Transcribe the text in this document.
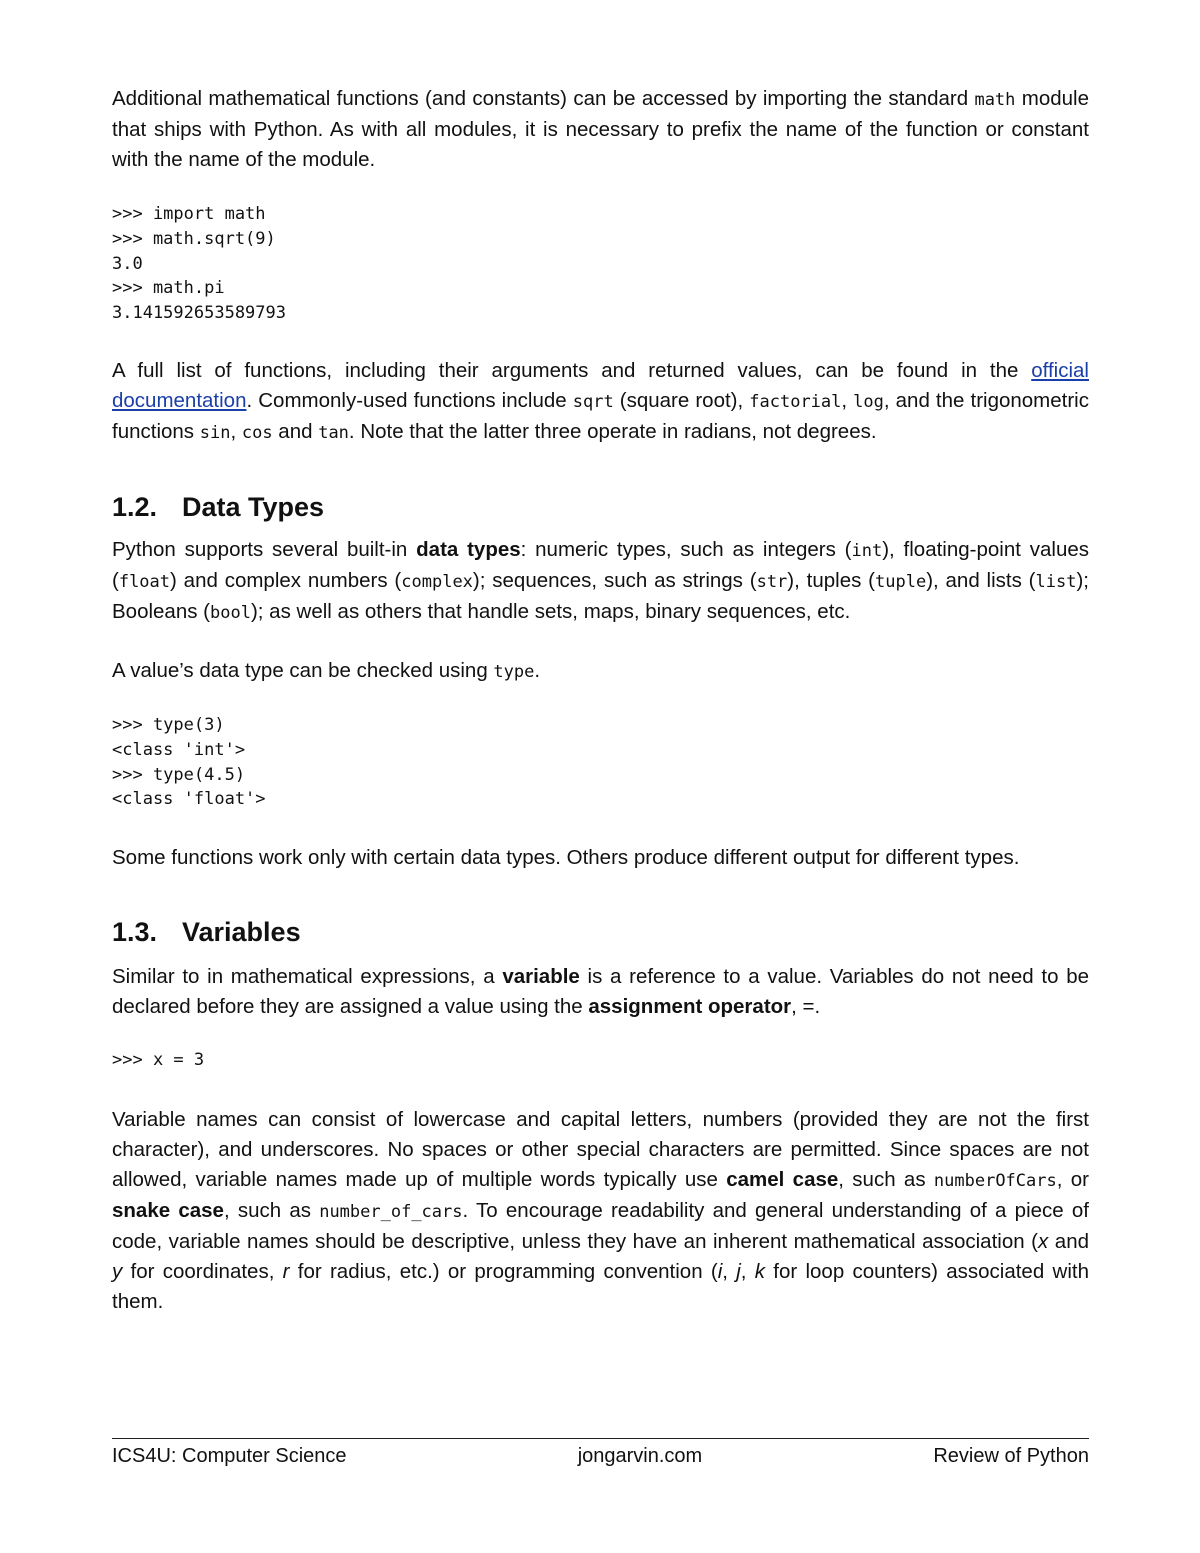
Additional mathematical functions (and constants) can be accessed by importing the standard math module that ships with Python. As with all modules, it is necessary to prefix the name of the function or constant with the name of the module.

>>> import math
>>> math.sqrt(9)
3.0
>>> math.pi
3.141592653589793

A full list of functions, including their arguments and returned values, can be found in the official documentation. Commonly-used functions include sqrt (square root), factorial, log, and the trigonometric functions sin, cos and tan. Note that the latter three operate in radians, not degrees.

1.2. Data Types

Python supports several built-in data types: numeric types, such as integers (int), floating-point values (float) and complex numbers (complex); sequences, such as strings (str), tuples (tuple), and lists (list); Booleans (bool); as well as others that handle sets, maps, binary sequences, etc.

A value’s data type can be checked using type.

>>> type(3)
<class 'int'>
>>> type(4.5)
<class 'float'>

Some functions work only with certain data types. Others produce different output for different types.

1.3. Variables

Similar to in mathematical expressions, a variable is a reference to a value. Variables do not need to be declared before they are assigned a value using the assignment operator, =.

>>> x = 3

Variable names can consist of lowercase and capital letters, numbers (provided they are not the first character), and underscores. No spaces or other special characters are permitted. Since spaces are not allowed, variable names made up of multiple words typically use camel case, such as numberOfCars, or snake case, such as number_of_cars. To encourage readability and general understanding of a piece of code, variable names should be descriptive, unless they have an inherent mathematical association (x and y for coordinates, r for radius, etc.) or programming convention (i, j, k for loop counters) associated with them.

ICS4U: Computer Science	jongarvin.com	Review of Python
